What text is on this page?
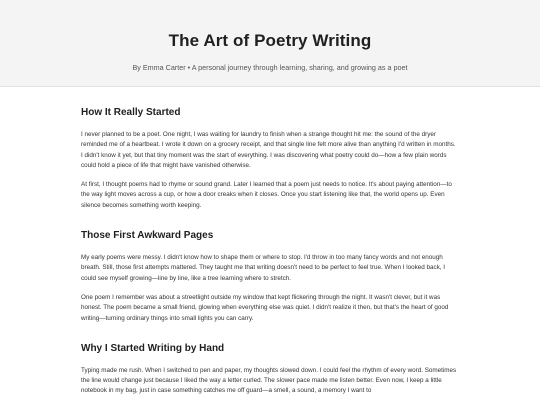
The Art of Poetry Writing
By Emma Carter • A personal journey through learning, sharing, and growing as a poet
How It Really Started

I never planned to be a poet. One night, I was waiting for laundry to finish when a strange thought hit me: the sound of the dryer reminded me of a heartbeat. I wrote it down on a grocery receipt, and that single line felt more alive than anything I'd written in months. I didn't know it yet, but that tiny moment was the start of everything. I was discovering what poetry could do—how a few plain words could hold a piece of life that might have vanished otherwise.

At first, I thought poems had to rhyme or sound grand. Later I learned that a poem just needs to notice. It's about paying attention—to the way light moves across a cup, or how a door creaks when it closes. Once you start listening like that, the world opens up. Even silence becomes something worth keeping.

Those First Awkward Pages

My early poems were messy. I didn't know how to shape them or where to stop. I'd throw in too many fancy words and not enough breath. Still, those first attempts mattered. They taught me that writing doesn't need to be perfect to feel true. When I looked back, I could see myself growing—line by line, like a tree learning where to stretch.

One poem I remember was about a streetlight outside my window that kept flickering through the night. It wasn't clever, but it was honest. The poem became a small friend, glowing when everything else was quiet. I didn't realize it then, but that's the heart of good writing—turning ordinary things into small lights you can carry.

Why I Started Writing by Hand

Typing made me rush. When I switched to pen and paper, my thoughts slowed down. I could feel the rhythm of every word. Sometimes the line would change just because I liked the way a letter curled. The slower pace made me listen better. Even now, I keep a little notebook in my bag, just in case something catches me off guard—a smell, a sound, a memory I want to
